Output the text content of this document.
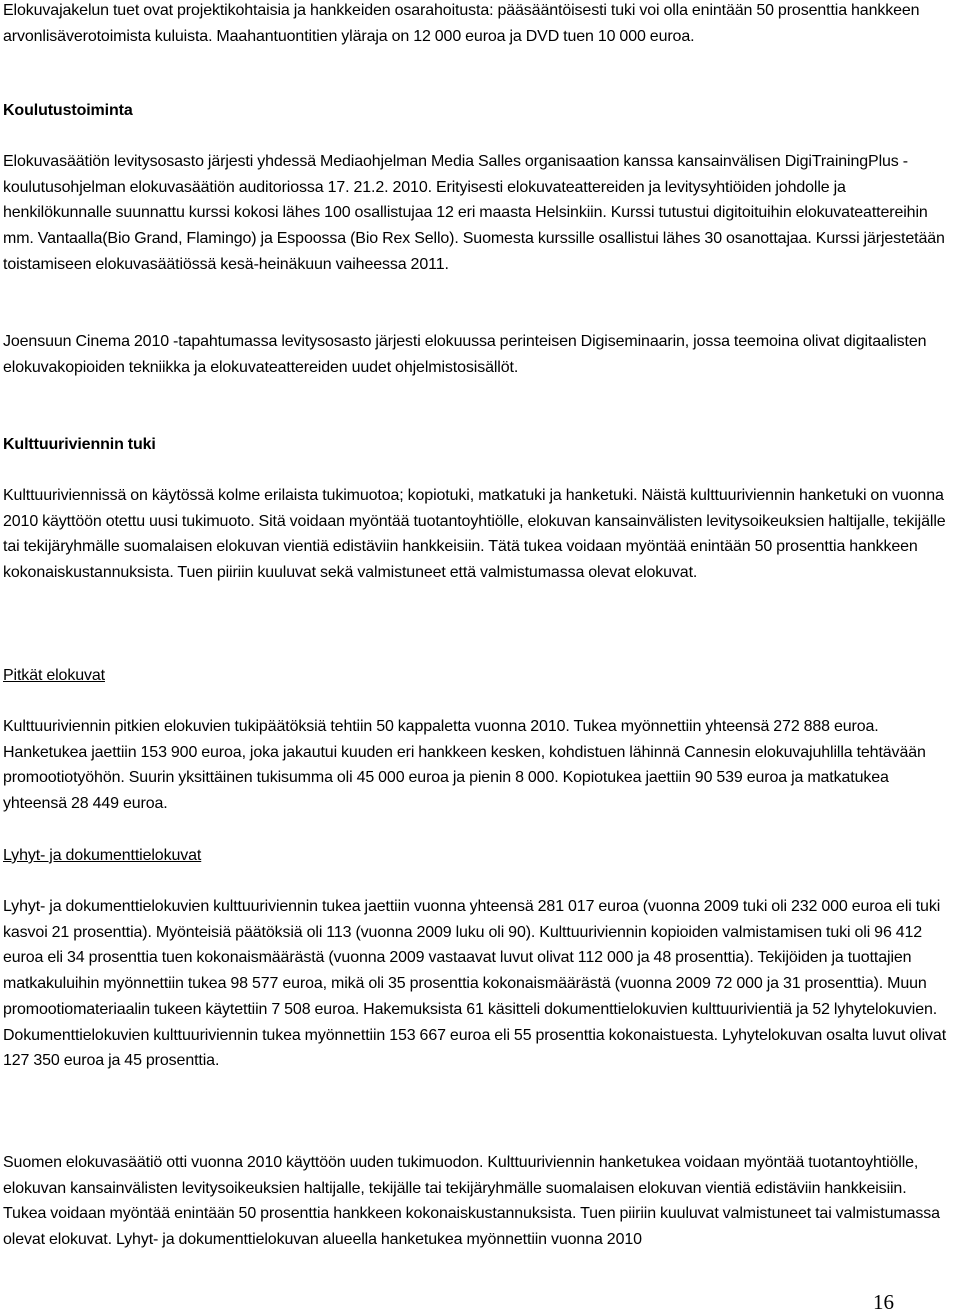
Elokuvajakelun tuet ovat projektikohtaisia ja hankkeiden osarahoitusta: pääsääntöisesti tuki voi olla enintään 50 prosenttia hankkeen arvonlisäverotoimista kuluista. Maahantuontitien yläraja on 12 000 euroa ja DVD tuen 10 000 euroa.

Koulutustoiminta

Elokuvasäätiön levitysosasto järjesti yhdessä Mediaohjelman Media Salles organisaation kanssa kansainvälisen DigiTrainingPlus -koulutusohjelman elokuvasäätiön auditoriossa 17. 21.2. 2010. Erityisesti elokuvateattereiden ja levitysyhtiöiden johdolle ja henkilökunnalle suunnattu kurssi kokosi lähes 100 osallistujaa 12 eri maasta Helsinkiin. Kurssi tutustui digitoituihin elokuvateattereihin mm. Vantaalla(Bio Grand, Flamingo) ja Espoossa (Bio Rex Sello). Suomesta kurssille osallistui lähes 30 osanottajaa. Kurssi järjestetään toistamiseen elokuvasäätiössä kesä-heinäkuun vaiheessa 2011.

Joensuun Cinema 2010 -tapahtumassa levitysosasto järjesti elokuussa perinteisen Digiseminaarin, jossa teemoina olivat digitaalisten elokuvakopioiden tekniikka ja elokuvateattereiden uudet ohjelmistosisällöt.

Kulttuuriviennin tuki

Kulttuuriviennissä on käytössä kolme erilaista tukimuotoa; kopiotuki, matkatuki ja hanketuki. Näistä kulttuuriviennin hanketuki on vuonna 2010 käyttöön otettu uusi tukimuoto. Sitä voidaan myöntää tuotantoyhtiölle, elokuvan kansainvälisten levitysoikeuksien haltijalle, tekijälle tai tekijäryhmälle suomalaisen elokuvan vientiä edistäviin hankkeisiin. Tätä tukea voidaan myöntää enintään 50 prosenttia hankkeen kokonaiskustannuksista. Tuen piiriin kuuluvat sekä valmistuneet että valmistumassa olevat elokuvat.

Pitkät elokuvat

Kulttuuriviennin pitkien elokuvien tukipäätöksiä tehtiin 50 kappaletta vuonna 2010. Tukea myönnettiin yhteensä 272 888 euroa. Hanketukea jaettiin 153 900 euroa, joka jakautui kuuden eri hankkeen kesken, kohdistuen lähinnä Cannesin elokuvajuhlilla tehtävään promootiotyöhön. Suurin yksittäinen tukisumma oli 45 000 euroa ja pienin 8 000. Kopiotukea jaettiin 90 539 euroa ja matkatukea yhteensä 28 449 euroa.

Lyhyt- ja dokumenttielokuvat

Lyhyt- ja dokumenttielokuvien kulttuuriviennin tukea jaettiin vuonna yhteensä 281 017 euroa (vuonna 2009 tuki oli 232 000 euroa eli tuki kasvoi 21 prosenttia). Myönteisiä päätöksiä oli 113 (vuonna 2009 luku oli 90). Kulttuuriviennin kopioiden valmistamisen tuki oli 96 412 euroa eli 34 prosenttia tuen kokonaismäärästä (vuonna 2009 vastaavat luvut olivat 112 000 ja 48 prosenttia). Tekijöiden ja tuottajien matkakuluihin myönnettiin tukea 98 577 euroa, mikä oli 35 prosenttia kokonaismäärästä (vuonna 2009 72 000 ja 31 prosenttia). Muun promootiomateriaalin tukeen käytettiin 7 508 euroa. Hakemuksista 61 käsitteli dokumenttielokuvien kulttuurivientiä ja 52 lyhytelokuvien. Dokumenttielokuvien kulttuuriviennin tukea myönnettiin 153 667 euroa eli 55 prosenttia kokonaistuesta. Lyhytelokuvan osalta luvut olivat 127 350 euroa ja 45 prosenttia.

Suomen elokuvasäätiö otti vuonna 2010 käyttöön uuden tukimuodon. Kulttuuriviennin hanketukea voidaan myöntää tuotantoyhtiölle, elokuvan kansainvälisten levitysoikeuksien haltijalle, tekijälle tai tekijäryhmälle suomalaisen elokuvan vientiä edistäviin hankkeisiin. Tukea voidaan myöntää enintään 50 prosenttia hankkeen kokonaiskustannuksista. Tuen piiriin kuuluvat valmistuneet tai valmistumassa olevat elokuvat. Lyhyt- ja dokumenttielokuvan alueella hanketukea myönnettiin vuonna 2010

16
